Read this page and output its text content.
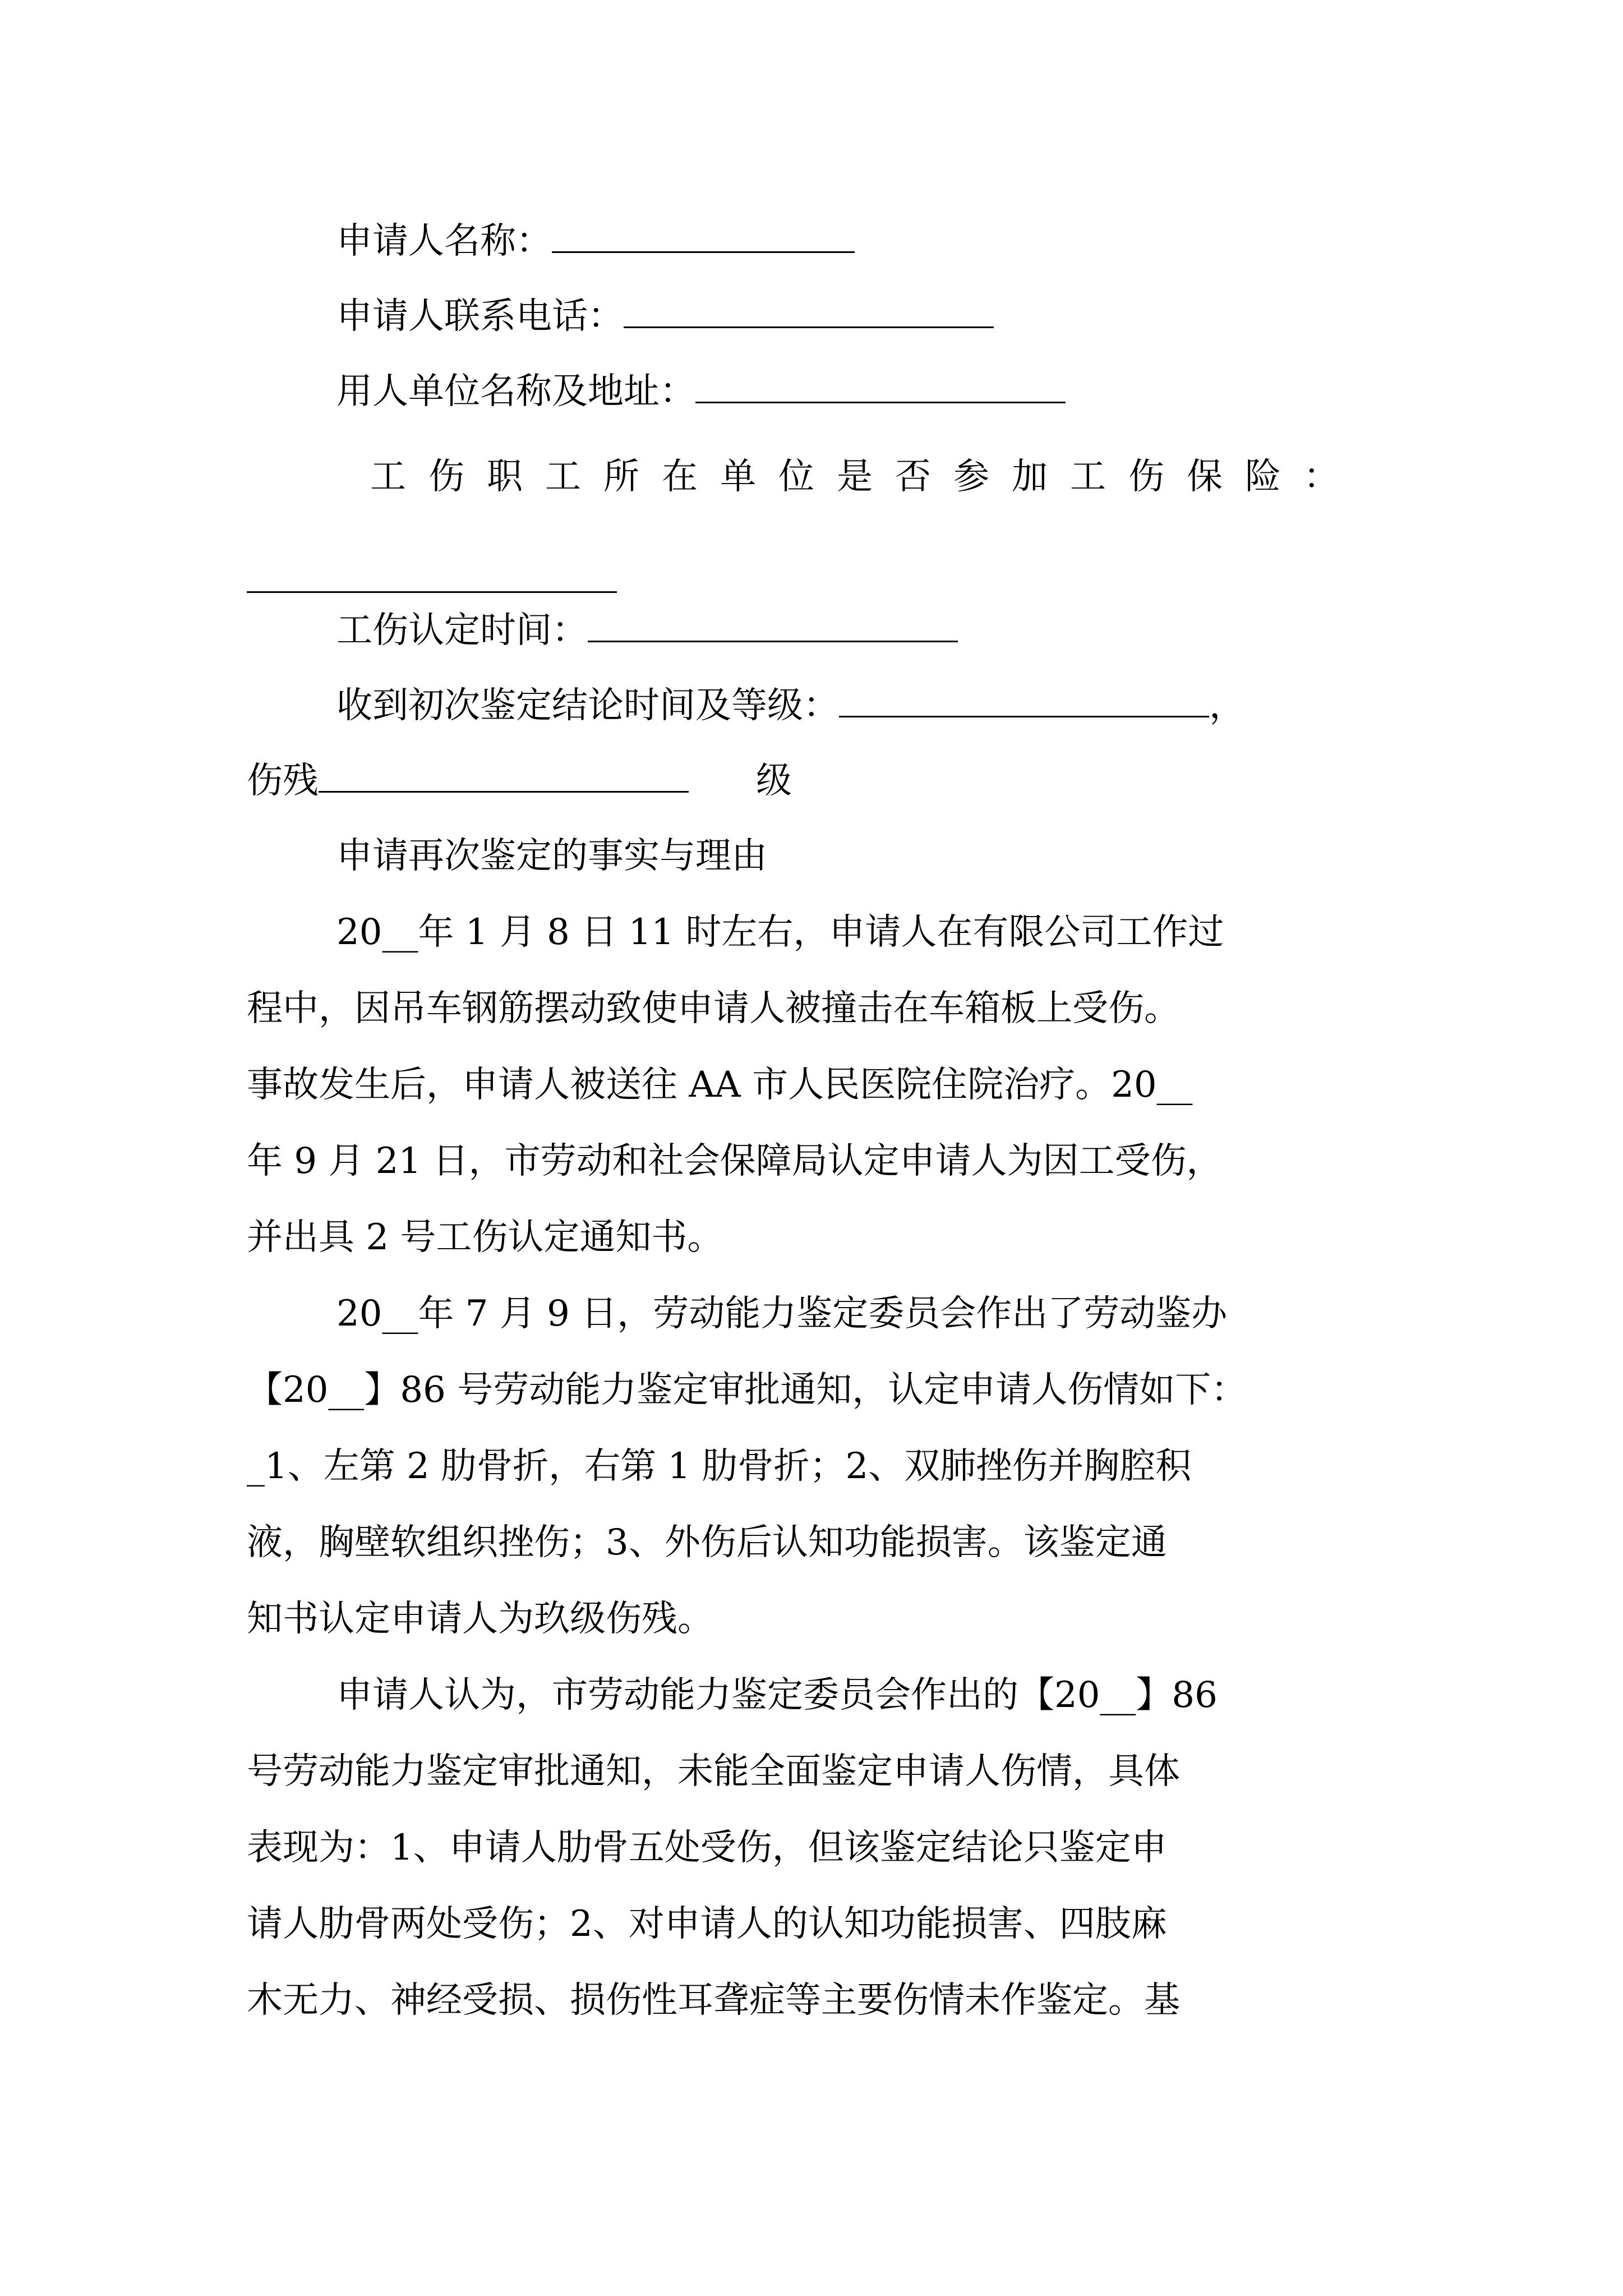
申请人名称：
申请人联系电话：
用人单位名称及地址：
工伤职工所在单位是否参加工伤保险：
工伤认定时间：
收到初次鉴定结论时间及等级：	，
伤残	级
申请再次鉴定的事实与理由
20__年 1 月 8 日 11 时左右，申请人在有限公司工作过
程中，因吊车钢筋摆动致使申请人被撞击在车箱板上受伤。
事故发生后，申请人被送往 AA 市人民医院住院治疗。20__
年 9 月 21 日，市劳动和社会保障局认定申请人为因工受伤，
并出具 2 号工伤认定通知书。
20__年 7 月 9 日，劳动能力鉴定委员会作出了劳动鉴办
【20__】86 号劳动能力鉴定审批通知，认定申请人伤情如下：
_1、左第 2 肋骨折，右第 1 肋骨折；2、双肺挫伤并胸腔积
液，胸壁软组织挫伤；3、外伤后认知功能损害。该鉴定通
知书认定申请人为玖级伤残。
申请人认为，市劳动能力鉴定委员会作出的【20__】86
号劳动能力鉴定审批通知，未能全面鉴定申请人伤情，具体
表现为：1、申请人肋骨五处受伤，但该鉴定结论只鉴定申
请人肋骨两处受伤；2、对申请人的认知功能损害、四肢麻
木无力、神经受损、损伤性耳聋症等主要伤情未作鉴定。基
